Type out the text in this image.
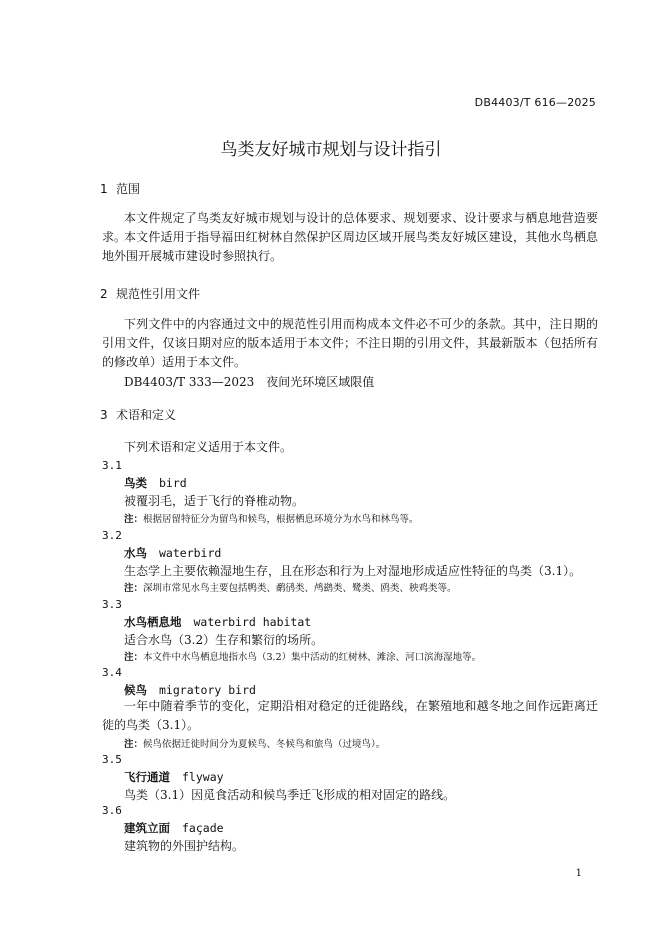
DB4403/T 616—2025
鸟类友好城市规划与设计指引
1 范围
本文件规定了鸟类友好城市规划与设计的总体要求、规划要求、设计要求与栖息地营造要求。
本文件适用于指导福田红树林自然保护区周边区域开展鸟类友好城区建设，其他水鸟栖息地外围开展城市建设时参照执行。
2 规范性引用文件
下列文件中的内容通过文中的规范性引用而构成本文件必不可少的条款。其中，注日期的引用文件，仅该日期对应的版本适用于本文件；不注日期的引用文件，其最新版本（包括所有的修改单）适用于本文件。
DB4403/T 333—2023　夜间光环境区域限值
3 术语和定义
下列术语和定义适用于本文件。
3.1
鸟类 bird
被覆羽毛，适于飞行的脊椎动物。
注：根据居留特征分为留鸟和候鸟，根据栖息环境分为水鸟和林鸟等。
3.2
水鸟 waterbird
生态学上主要依赖湿地生存，且在形态和行为上对湿地形成适应性特征的鸟类（3.1）。
注：深圳市常见水鸟主要包括鸭类、鹬鸻类、鸬鹚类、鹭类、鸥类、秧鸡类等。
3.3
水鸟栖息地 waterbird habitat
适合水鸟（3.2）生存和繁衍的场所。
注：本文件中水鸟栖息地指水鸟（3.2）集中活动的红树林、滩涂、河口滨海湿地等。
3.4
候鸟 migratory bird
一年中随着季节的变化，定期沿相对稳定的迁徙路线，在繁殖地和越冬地之间作远距离迁徙的鸟类（3.1）。
注：候鸟依据迁徙时间分为夏候鸟、冬候鸟和旅鸟（过境鸟）。
3.5
飞行通道 flyway
鸟类（3.1）因觅食活动和候鸟季迁飞形成的相对固定的路线。
3.6
建筑立面 façade
建筑物的外围护结构。
1
